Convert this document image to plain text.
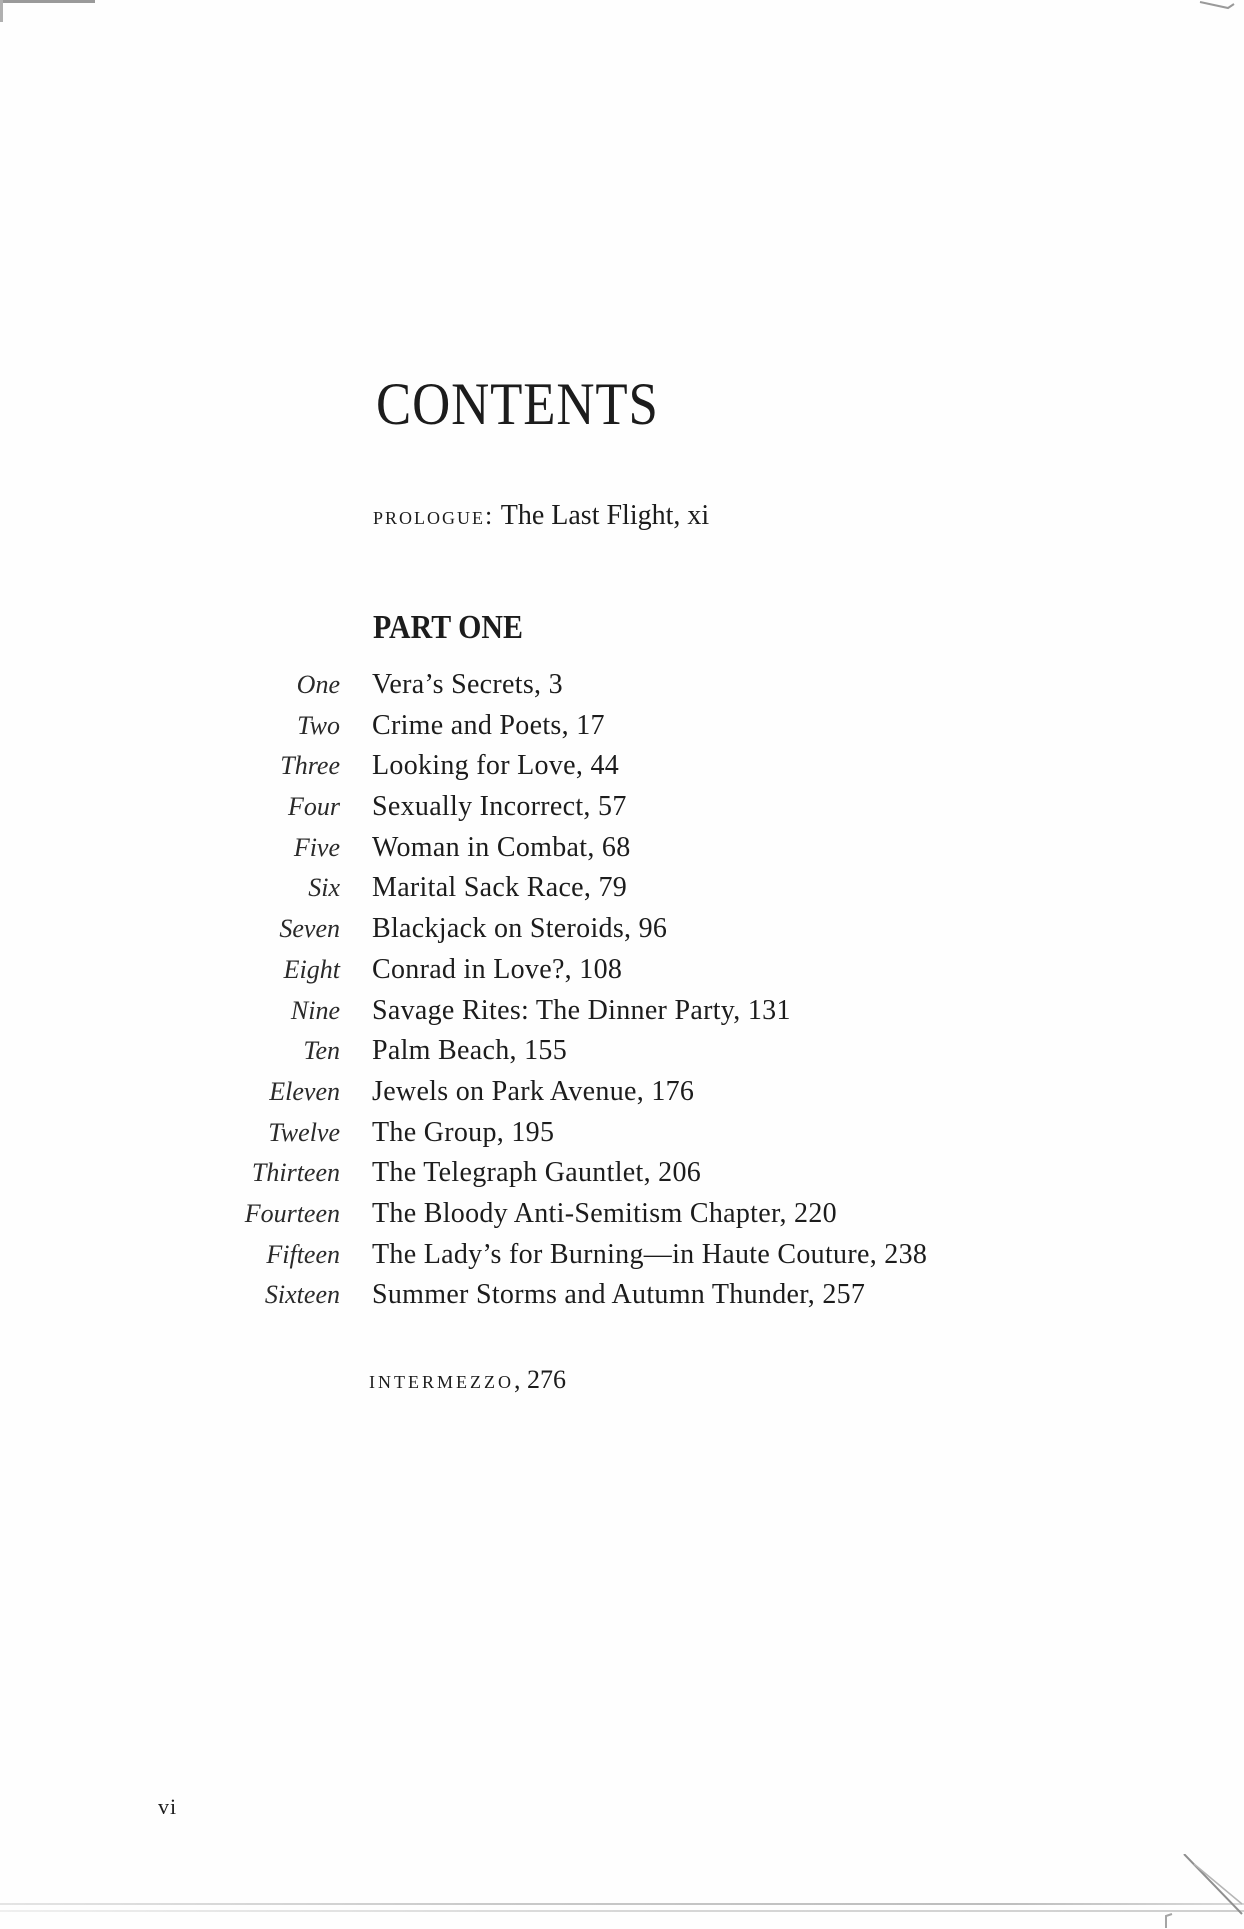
CONTENTS
prologue: The Last Flight, xi
PART ONE
One Vera’s Secrets, 3
Two Crime and Poets, 17
Three Looking for Love, 44
Four Sexually Incorrect, 57
Five Woman in Combat, 68
Six Marital Sack Race, 79
Seven Blackjack on Steroids, 96
Eight Conrad in Love?, 108
Nine Savage Rites: The Dinner Party, 131
Ten Palm Beach, 155
Eleven Jewels on Park Avenue, 176
Twelve The Group, 195
Thirteen The Telegraph Gauntlet, 206
Fourteen The Bloody Anti-Semitism Chapter, 220
Fifteen The Lady’s for Burning—in Haute Couture, 238
Sixteen Summer Storms and Autumn Thunder, 257
intermezzo, 276
vi
